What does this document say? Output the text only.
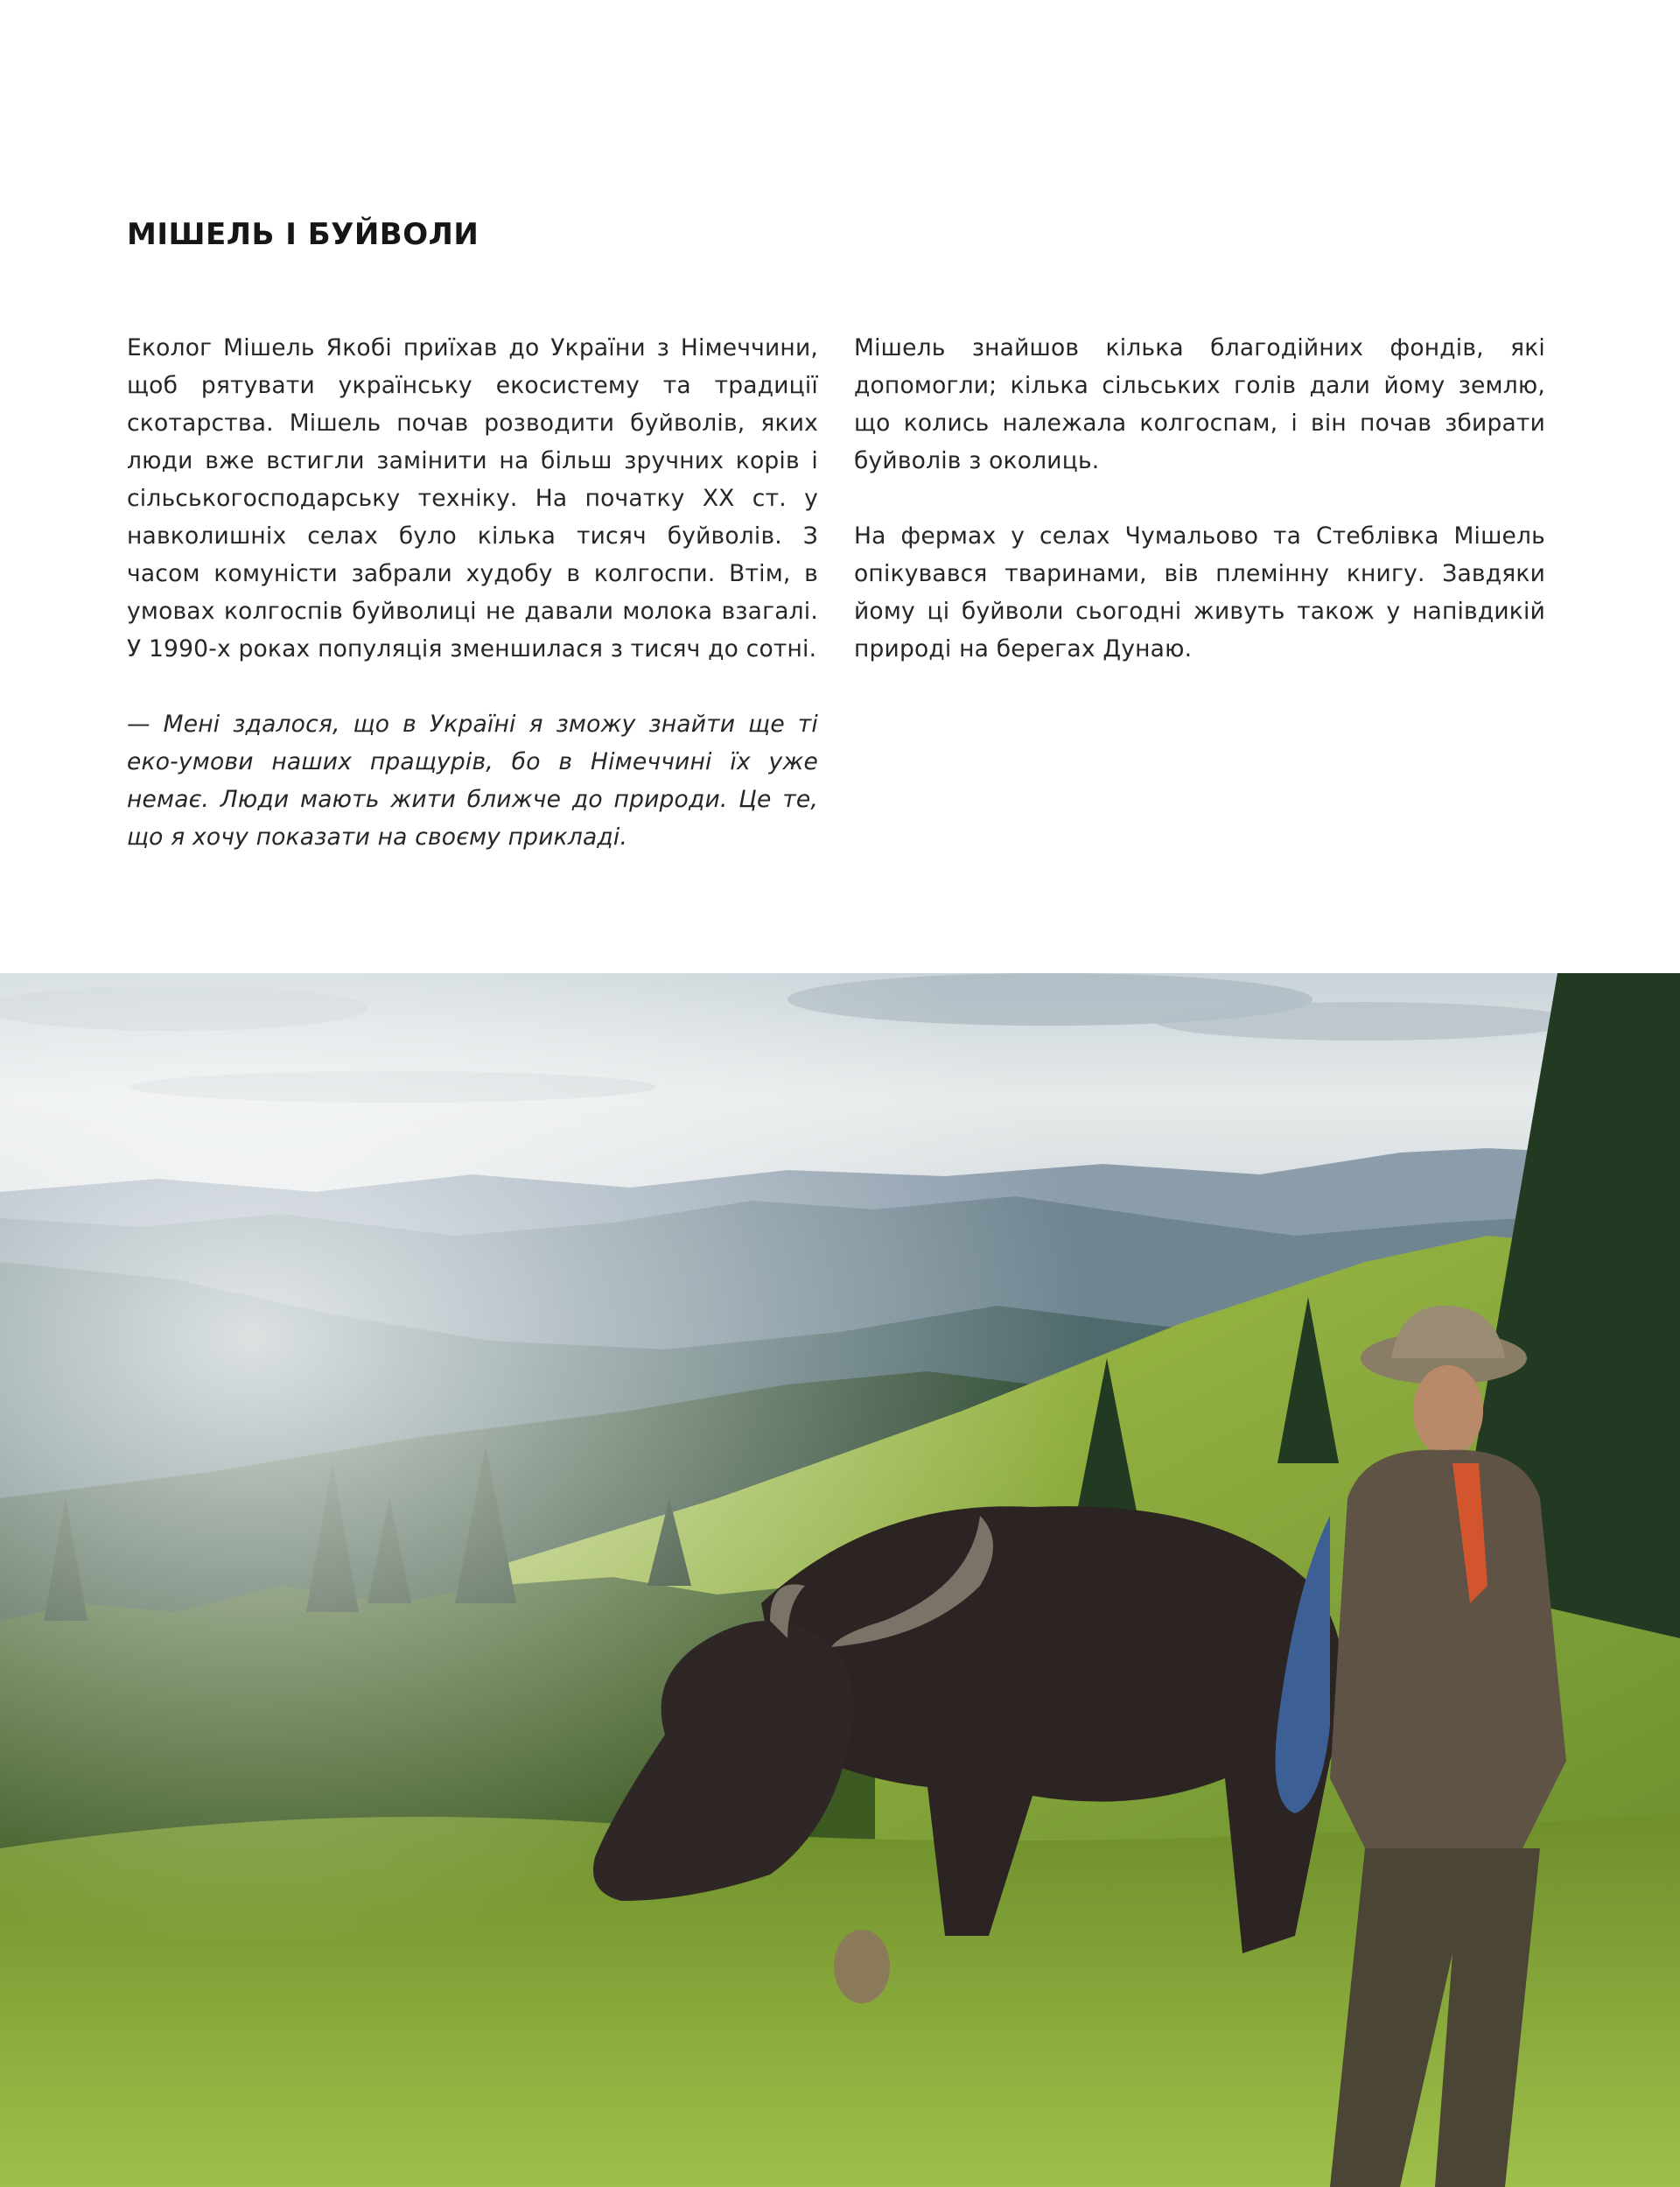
МІШЕЛЬ І БУЙВОЛИ

Еколог Мішель Якобі приїхав до України з Німеччини, щоб рятувати українську екосистему та традиції скотарства. Мішель почав розводити буйволів, яких люди вже встигли замінити на більш зручних корів і сільськогосподарську техніку. На початку ХХ ст. у навколишніх селах було кілька тисяч буйволів. З часом комуністи забрали худобу в колгоспи. Втім, в умовах колгоспів буйволиці не давали молока взагалі. У 1990-х роках популяція зменшилася з тисяч до сотні.

— Мені здалося, що в Україні я зможу знайти ще ті еко-умови наших пращурів, бо в Німеччині їх уже немає. Люди мають жити ближче до природи. Це те, що я хочу показати на своєму прикладі.

Мішель знайшов кілька благодійних фондів, які допомогли; кілька сільських голів дали йому землю, що колись належала колгоспам, і він почав збирати буйволів з околиць.

На фермах у селах Чумальово та Стеблівка Мішель опікувався тваринами, вів племінну книгу. Завдяки йому ці буйволи сьогодні живуть також у напівдикій природі на берегах Дунаю.
